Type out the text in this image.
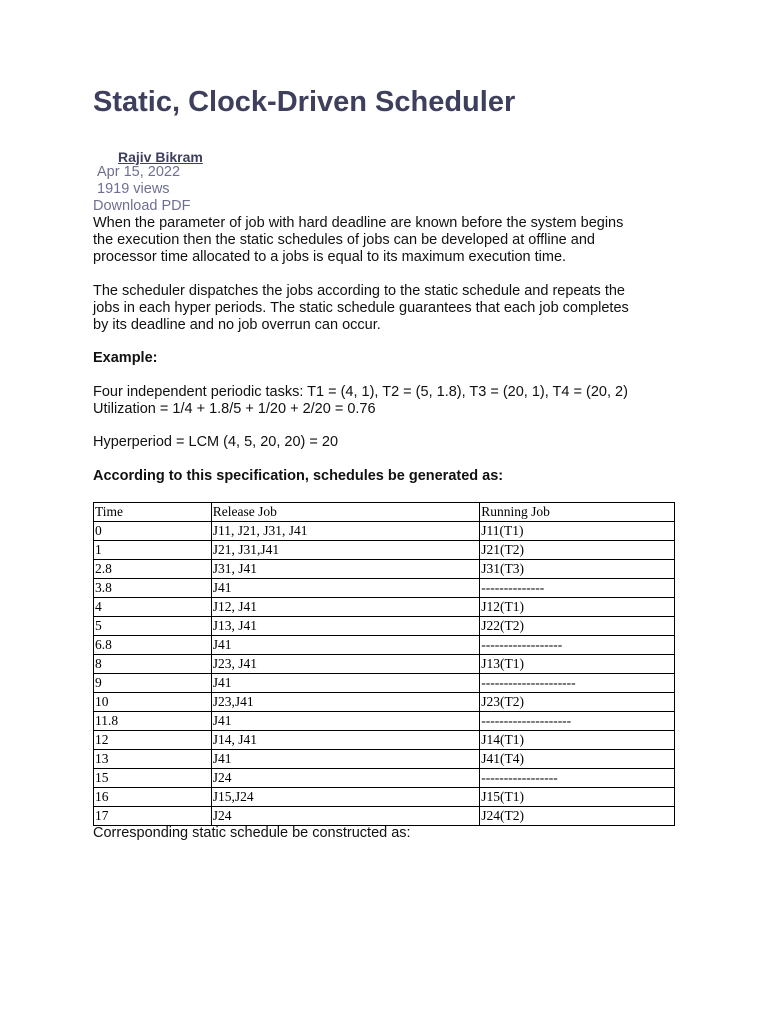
Static, Clock-Driven Scheduler
Rajiv Bikram
Apr 15, 2022
1919 views
Download PDF
When the parameter of job with hard deadline are known before the system begins
the execution then the static schedules of jobs can be developed at offline and
processor time allocated to a jobs is equal to its maximum execution time.
The scheduler dispatches the jobs according to the static schedule and repeats the
jobs in each hyper periods. The static schedule guarantees that each job completes
by its deadline and no job overrun can occur.
Example:
Four independent periodic tasks: T1 = (4, 1), T2 = (5, 1.8), T3 = (20, 1), T4 = (20, 2)
Utilization = 1/4 + 1.8/5 + 1/20 + 2/20 = 0.76
Hyperperiod = LCM (4, 5, 20, 20) = 20
According to this specification, schedules be generated as:
Time	Release Job	Running Job
0	J11, J21, J31, J41	J11(T1)
1	J21, J31,J41	J21(T2)
2.8	J31, J41	J31(T3)
3.8	J41	--------------
4	J12, J41	J12(T1)
5	J13, J41	J22(T2)
6.8	J41	------------------
8	J23, J41	J13(T1)
9	J41	---------------------
10	J23,J41	J23(T2)
11.8	J41	--------------------
12	J14, J41	J14(T1)
13	J41	J41(T4)
15	J24	-----------------
16	J15,J24	J15(T1)
17	J24	J24(T2)
Corresponding static schedule be constructed as:
